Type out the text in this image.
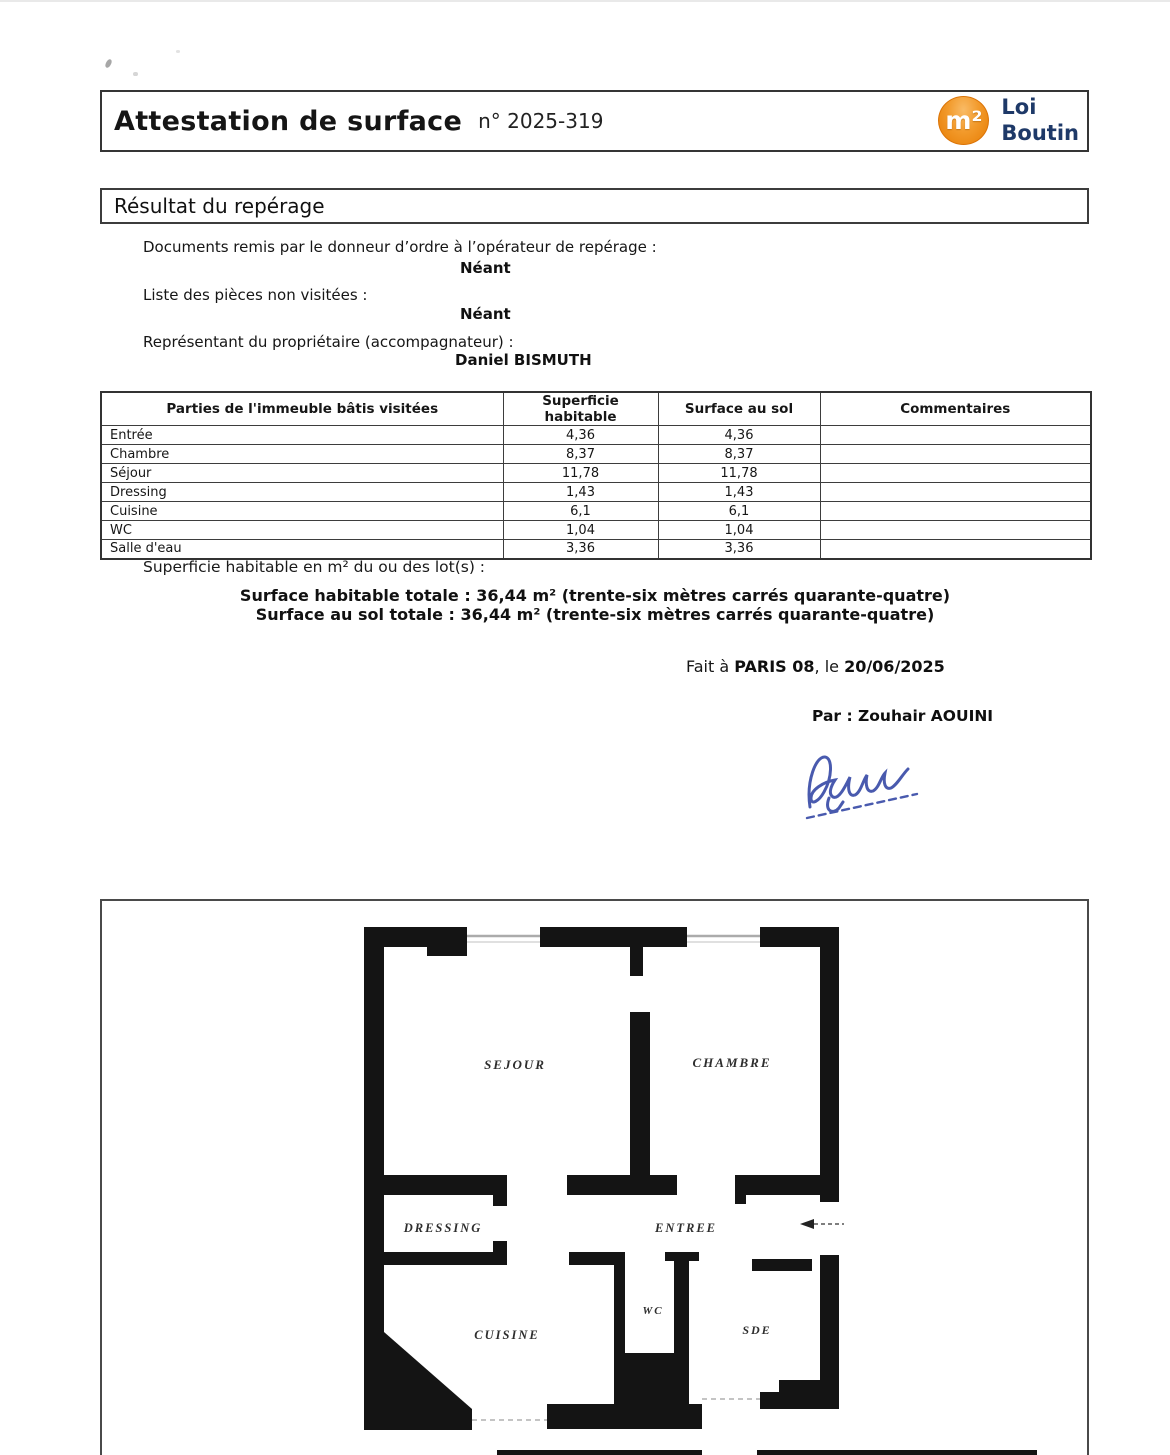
Attestation de surface n° 2025-319	m² Loi
Boutin
Résultat du repérage
Documents remis par le donneur d’ordre à l’opérateur de repérage :
Néant
Liste des pièces non visitées :
Néant
Représentant du propriétaire (accompagnateur) :
Daniel BISMUTH
Parties de l'immeuble bâtis visitées	Superficie habitable	Surface au sol	Commentaires
Entrée	4,36	4,36	
Chambre	8,37	8,37	
Séjour	11,78	11,78	
Dressing	1,43	1,43	
Cuisine	6,1	6,1	
WC	1,04	1,04	
Salle d'eau	3,36	3,36	
Superficie habitable en m² du ou des lot(s) :
Surface habitable totale : 36,44 m² (trente-six mètres carrés quarante-quatre)
Surface au sol totale : 36,44 m² (trente-six mètres carrés quarante-quatre)
Fait à PARIS 08, le 20/06/2025
Par : Zouhair AOUINI
SEJOUR	CHAMBRE
DRESSING	ENTREE
WC
CUISINE	SDE
